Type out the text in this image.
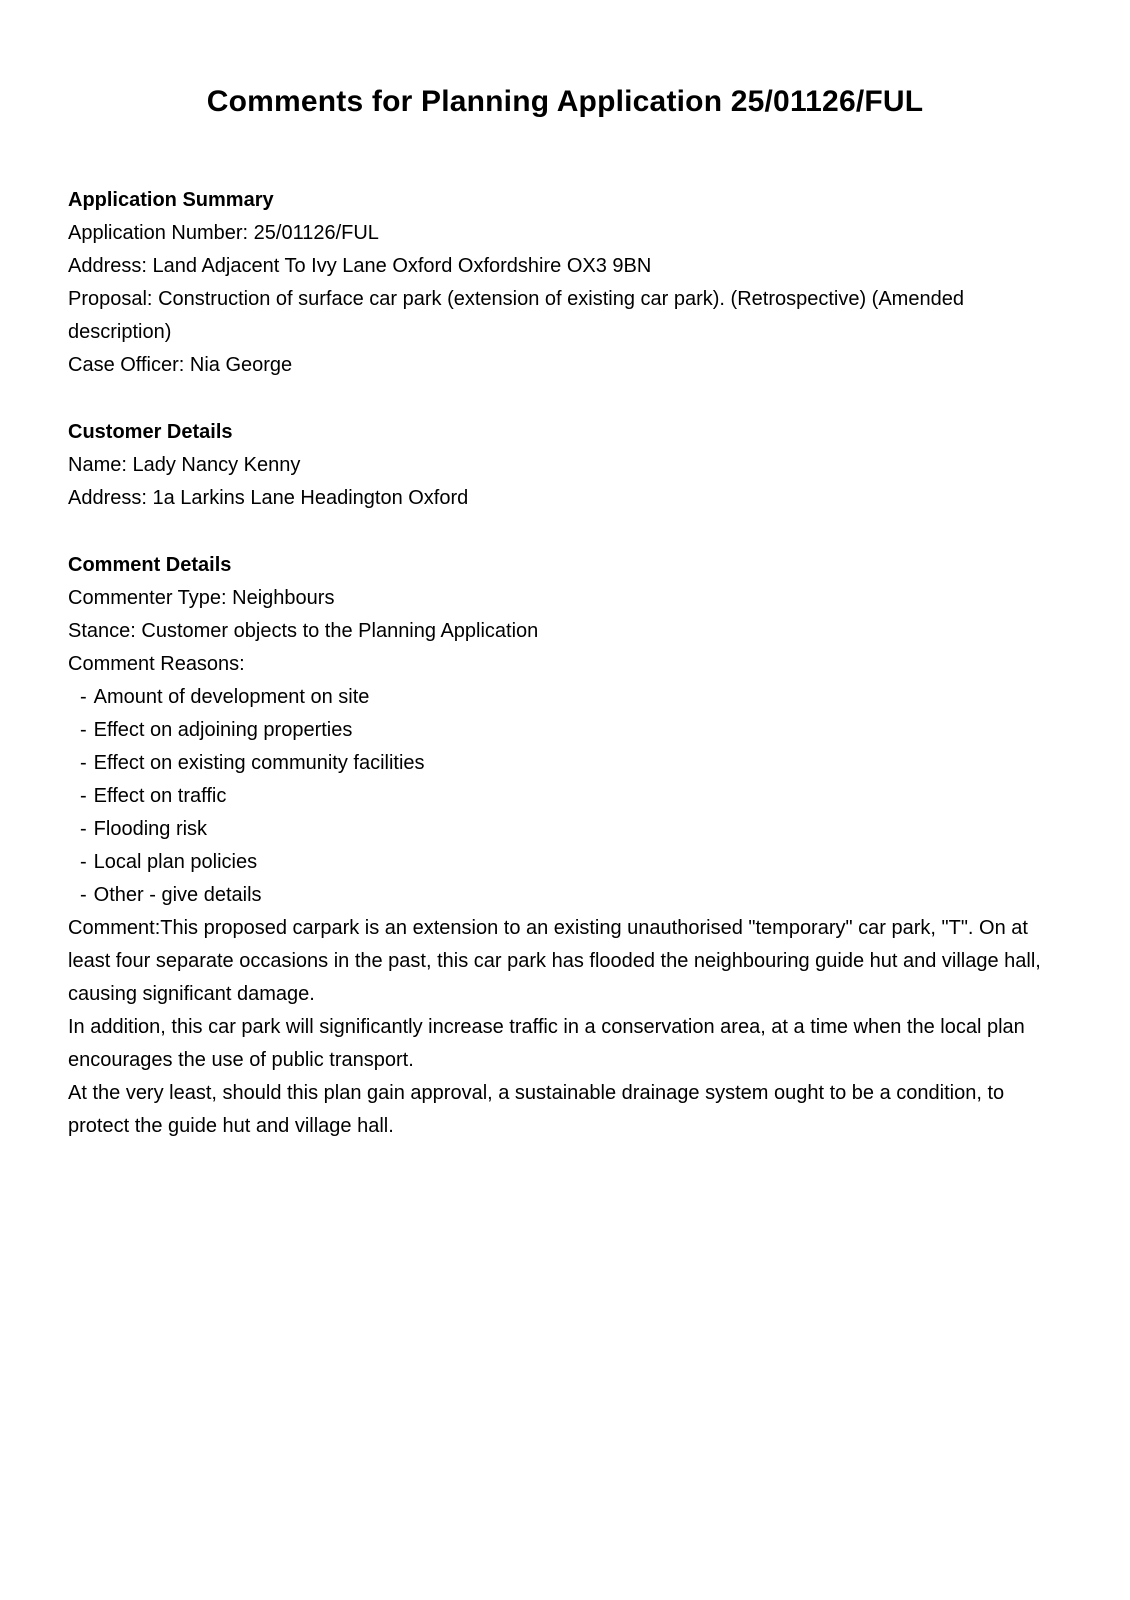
Comments for Planning Application 25/01126/FUL
Application Summary
Application Number: 25/01126/FUL
Address: Land Adjacent To Ivy Lane Oxford Oxfordshire OX3 9BN
Proposal: Construction of surface car park (extension of existing car park). (Retrospective) (Amended description)
Case Officer: Nia George
Customer Details
Name: Lady Nancy Kenny
Address: 1a Larkins Lane Headington Oxford
Comment Details
Commenter Type: Neighbours
Stance: Customer objects to the Planning Application
Comment Reasons:
- Amount of development on site
- Effect on adjoining properties
- Effect on existing community facilities
- Effect on traffic
- Flooding risk
- Local plan policies
- Other - give details
Comment:This proposed carpark is an extension to an existing unauthorised "temporary" car park, "T". On at least four separate occasions in the past, this car park has flooded the neighbouring guide hut and village hall, causing significant damage.
In addition, this car park will significantly increase traffic in a conservation area, at a time when the local plan encourages the use of public transport.
At the very least, should this plan gain approval, a sustainable drainage system ought to be a condition, to protect the guide hut and village hall.
